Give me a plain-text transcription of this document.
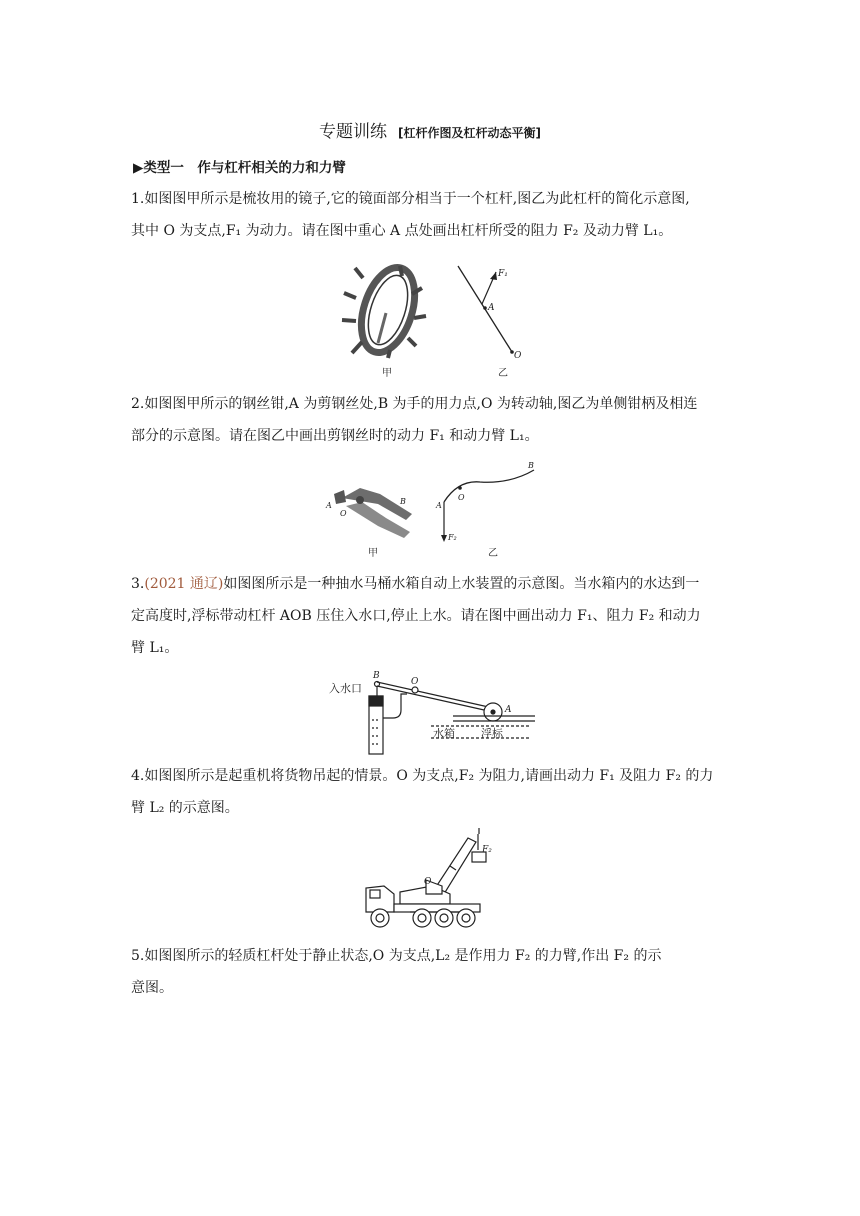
专题训练 [杠杆作图及杠杆动态平衡]
▶类型一　作与杠杆相关的力和力臂
1.如图图甲所示是梳妆用的镜子,它的镜面部分相当于一个杠杆,图乙为此杠杆的简化示意图,
其中 O 为支点,F₁ 为动力。请在图中重心 A 点处画出杠杆所受的阻力 F₂ 及动力臂 L₁。
甲
F₁
A
O
乙
2.如图图甲所示的钢丝钳,A 为剪钢丝处,B 为手的用力点,O 为转动轴,图乙为单侧钳柄及相连
部分的示意图。请在图乙中画出剪钢丝时的动力 F₁ 和动力臂 L₁。
A
O
B
甲
A
O
B
F₂
乙
3.(2021 通辽)如图图所示是一种抽水马桶水箱自动上水装置的示意图。当水箱内的水达到一
定高度时,浮标带动杠杆 AOB 压住入水口,停止上水。请在图中画出动力 F₁、阻力 F₂ 和动力
臂 L₁。
入水口
B
O
A
水箱 浮标
4.如图图所示是起重机将货物吊起的情景。O 为支点,F₂ 为阻力,请画出动力 F₁ 及阻力 F₂ 的力
臂 L₂ 的示意图。
F₂
O
5.如图图所示的轻质杠杆处于静止状态,O 为支点,L₂ 是作用力 F₂ 的力臂,作出 F₂ 的示
意图。
